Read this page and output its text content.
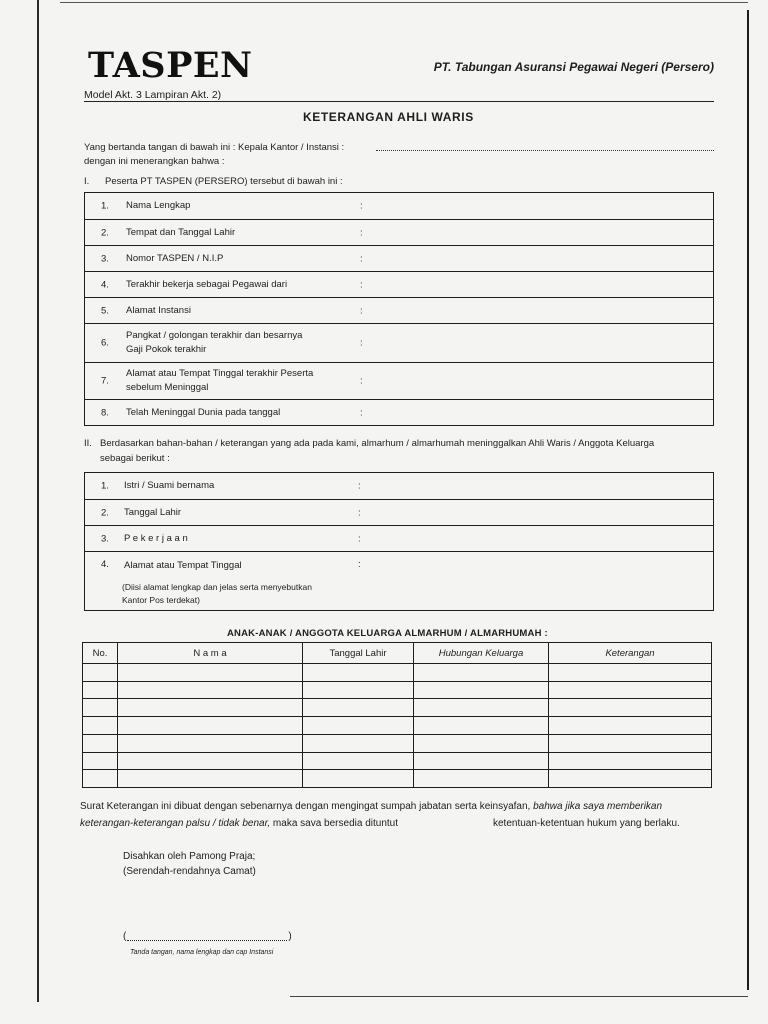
TASPEN	PT. Tabungan Asuransi Pegawai Negeri (Persero)
Model Akt. 3 Lampiran Akt. 2)
KETERANGAN AHLI WARIS
Yang bertanda tangan di bawah ini : Kepala Kantor / Instansi :
dengan ini menerangkan bahwa :
I. Peserta PT TASPEN (PERSERO) tersebut di bawah ini :
1. Nama Lengkap	:
2. Tempat dan Tanggal Lahir	:
3. Nomor TASPEN / N.I.P	:
4. Terakhir bekerja sebagai Pegawai dari	:
5. Alamat Instansi	:
6.
Pangkat / golongan terakhir dan besarnya
Gaji Pokok terakhir
:
7.
Alamat atau Tempat Tinggal terakhir Peserta
sebelum Meninggal
:
8. Telah Meninggal Dunia pada tanggal	:
II. Berdasarkan bahan-bahan / keterangan yang ada pada kami, almarhum / almarhumah meninggalkan Ahli Waris / Anggota Keluarga
sebagai berikut :
1. Istri / Suami bernama	:
2. Tanggal Lahir	:
3. P e k e r j a a n	:
4. Alamat atau Tempat Tinggal	:
(Diisi alamat lengkap dan jelas serta menyebutkan
Kantor Pos terdekat)
ANAK-ANAK / ANGGOTA KELUARGA ALMARHUM / ALMARHUMAH :
No.	N a m a	Tanggal Lahir	Hubungan Keluarga	Keterangan
Surat Keterangan ini dibuat dengan sebenarnya dengan mengingat sumpah jabatan serta keinsyafan, bahwa jika saya memberikan
keterangan-keterangan palsu / tidak benar, maka sava bersedia dituntut	ketentuan-ketentuan hukum yang berlaku.
Disahkan oleh Pamong Praja;
(Serendah-rendahnya Camat)
(	)
Tanda tangan, nama lengkap dan cap Instansi
